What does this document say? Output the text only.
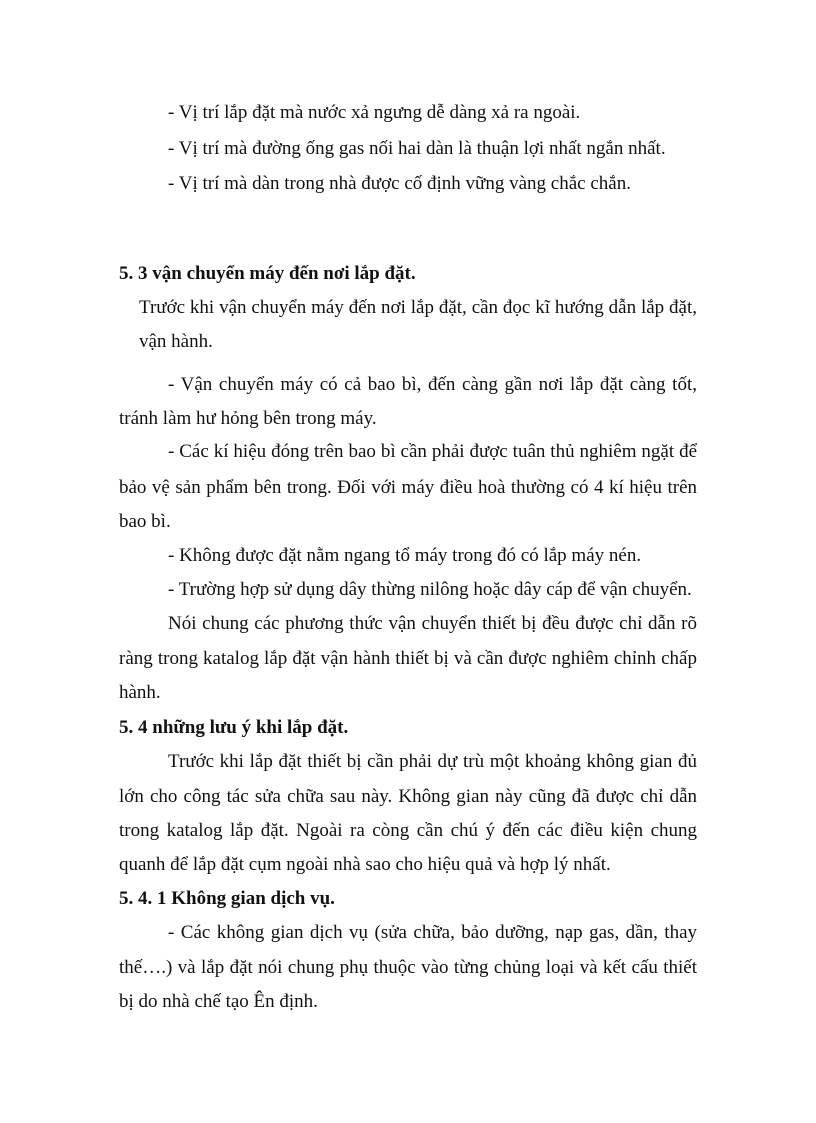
- Vị trí lắp đặt mà nước xả ngưng dễ dàng xả ra ngoài.
- Vị trí mà đường ống gas nối hai dàn là thuận lợi nhất ngắn nhất.
- Vị trí mà dàn trong nhà được cố định vững vàng chắc chắn.
5. 3 vận chuyển máy đến nơi lắp đặt.
Trước khi vận chuyển máy đến nơi lắp đặt, cần đọc kĩ hướng dẫn lắp đặt,
vận hành.
- Vận chuyển máy có cả bao bì, đến càng gần nơi lắp đặt càng tốt,
tránh làm hư hỏng bên trong máy.
- Các kí hiệu đóng trên bao bì cần phải được tuân thủ nghiêm ngặt để
bảo vệ sản phẩm bên trong. Đối với máy điều hoà thường có 4 kí hiệu trên
bao bì.
- Không được đặt nằm ngang tổ máy trong đó có lắp máy nén.
- Trường hợp sử dụng dây thừng nilông hoặc dây cáp để vận chuyển.
Nói chung các phương thức vận chuyển thiết bị đều được chỉ dẫn rõ
ràng trong katalog lắp đặt vận hành thiết bị và cần được nghiêm chỉnh chấp
hành.
5. 4 những lưu ý khi lắp đặt.
Trước khi lắp đặt thiết bị cần phải dự trù một khoảng không gian đủ
lớn cho công tác sửa chữa sau này. Không gian này cũng đã được chỉ dẫn
trong katalog lắp đặt. Ngoài ra còng cần chú ý đến các điều kiện chung
quanh để lắp đặt cụm ngoài nhà sao cho hiệu quả và hợp lý nhất.
5. 4. 1 Không gian dịch vụ.
- Các không gian dịch vụ (sửa chữa, bảo dưỡng, nạp gas, dần, thay
thế….) và lắp đặt nói chung phụ thuộc vào từng chủng loại và kết cấu thiết
bị do nhà chế tạo Ên định.
